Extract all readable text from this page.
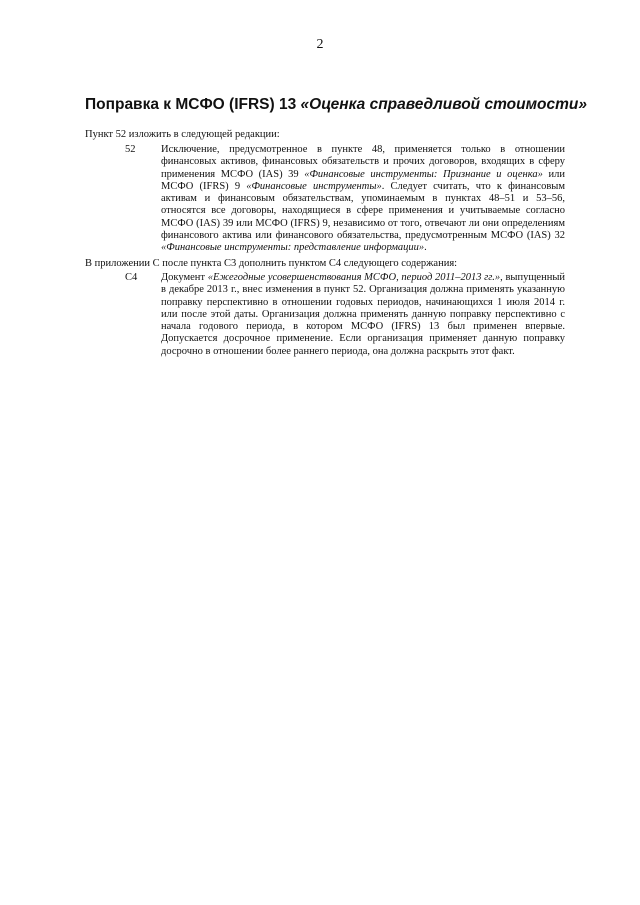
2
Поправка к МСФО (IFRS) 13 «Оценка справедливой стоимости»
Пункт 52 изложить в следующей редакции:
52 Исключение, предусмотренное в пункте 48, применяется только в отношении финансовых активов, финансовых обязательств и прочих договоров, входящих в сферу применения МСФО (IAS) 39 «Финансовые инструменты: Признание и оценка» или МСФО (IFRS) 9 «Финансовые инструменты». Следует считать, что к финансовым активам и финансовым обязательствам, упоминаемым в пунктах 48–51 и 53–56, относятся все договоры, находящиеся в сфере применения и учитываемые согласно МСФО (IAS) 39 или МСФО (IFRS) 9, независимо от того, отвечают ли они определениям финансового актива или финансового обязательства, предусмотренным МСФО (IAS) 32 «Финансовые инструменты: представление информации».
В приложении С после пункта С3 дополнить пунктом С4 следующего содержания:
С4 Документ «Ежегодные усовершенствования МСФО, период 2011–2013 гг.», выпущенный в декабре 2013 г., внес изменения в пункт 52. Организация должна применять указанную поправку перспективно в отношении годовых периодов, начинающихся 1 июля 2014 г. или после этой даты. Организация должна применять данную поправку перспективно с начала годового периода, в котором МСФО (IFRS) 13 был применен впервые. Допускается досрочное применение. Если организация применяет данную поправку досрочно в отношении более раннего периода, она должна раскрыть этот факт.
